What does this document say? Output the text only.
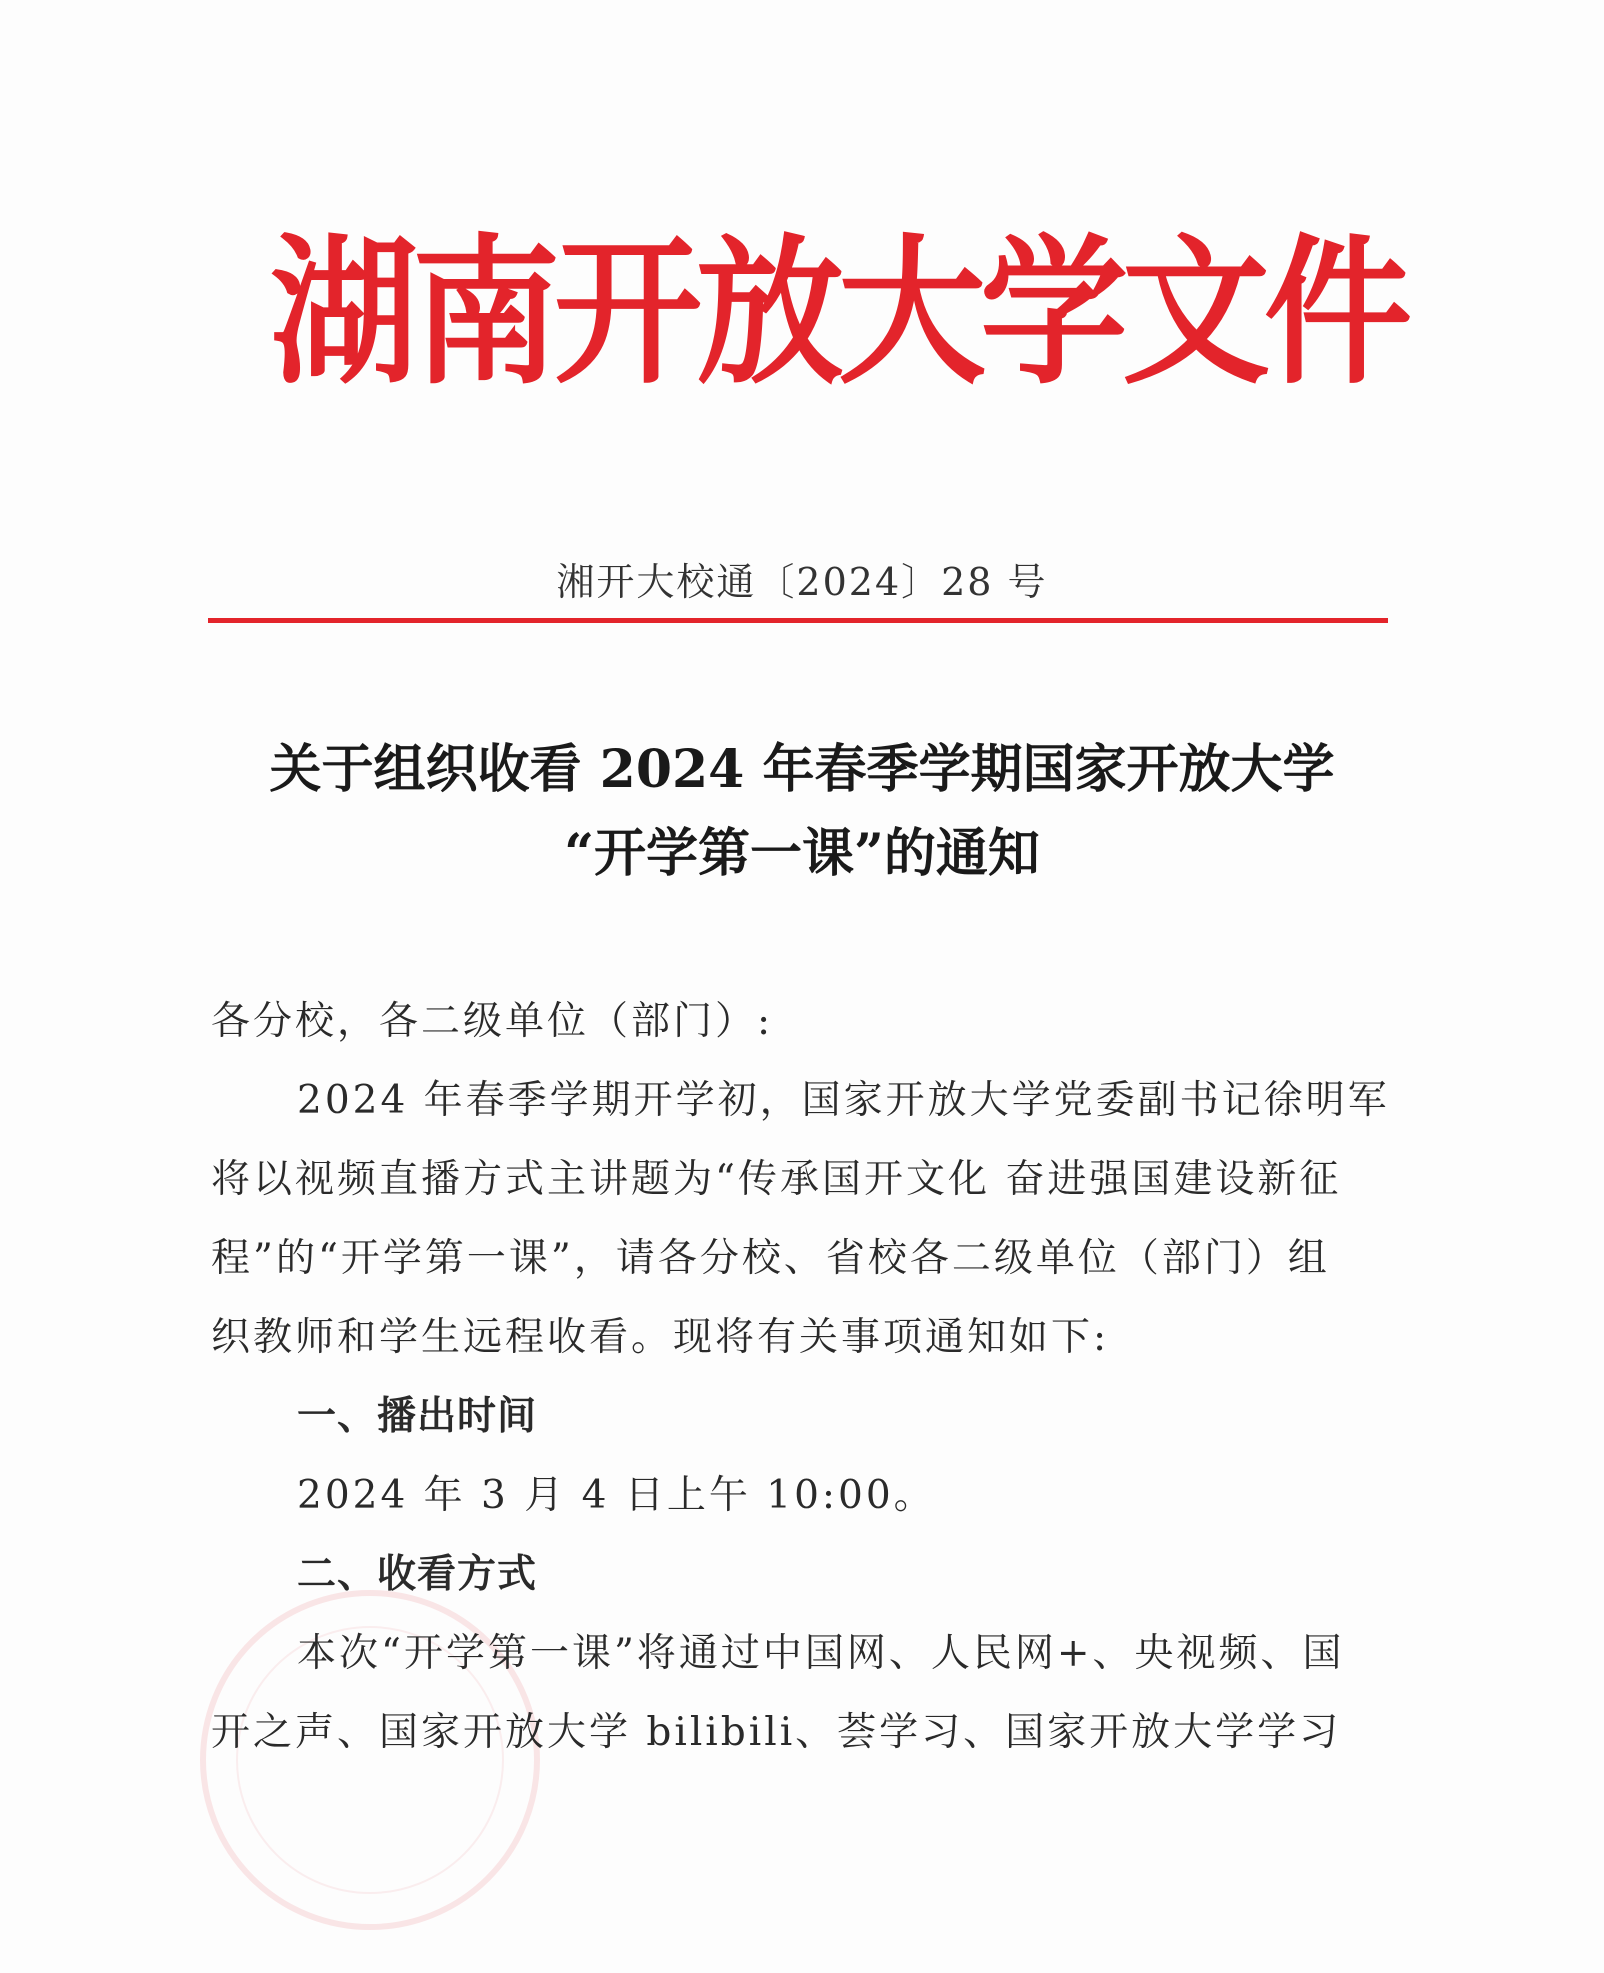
湖南开放大学文件
湘开大校通〔2024〕28 号
关于组织收看 2024 年春季学期国家开放大学
“开学第一课”的通知
各分校，各二级单位（部门）:
2024 年春季学期开学初，国家开放大学党委副书记徐明军
将以视频直播方式主讲题为“传承国开文化 奋进强国建设新征
程”的“开学第一课”，请各分校、省校各二级单位（部门）组
织教师和学生远程收看。现将有关事项通知如下:
一、播出时间
2024 年 3 月 4 日上午 10:00。
二、收看方式
本次“开学第一课”将通过中国网、人民网+、央视频、国
开之声、国家开放大学 bilibili、荟学习、国家开放大学学习
